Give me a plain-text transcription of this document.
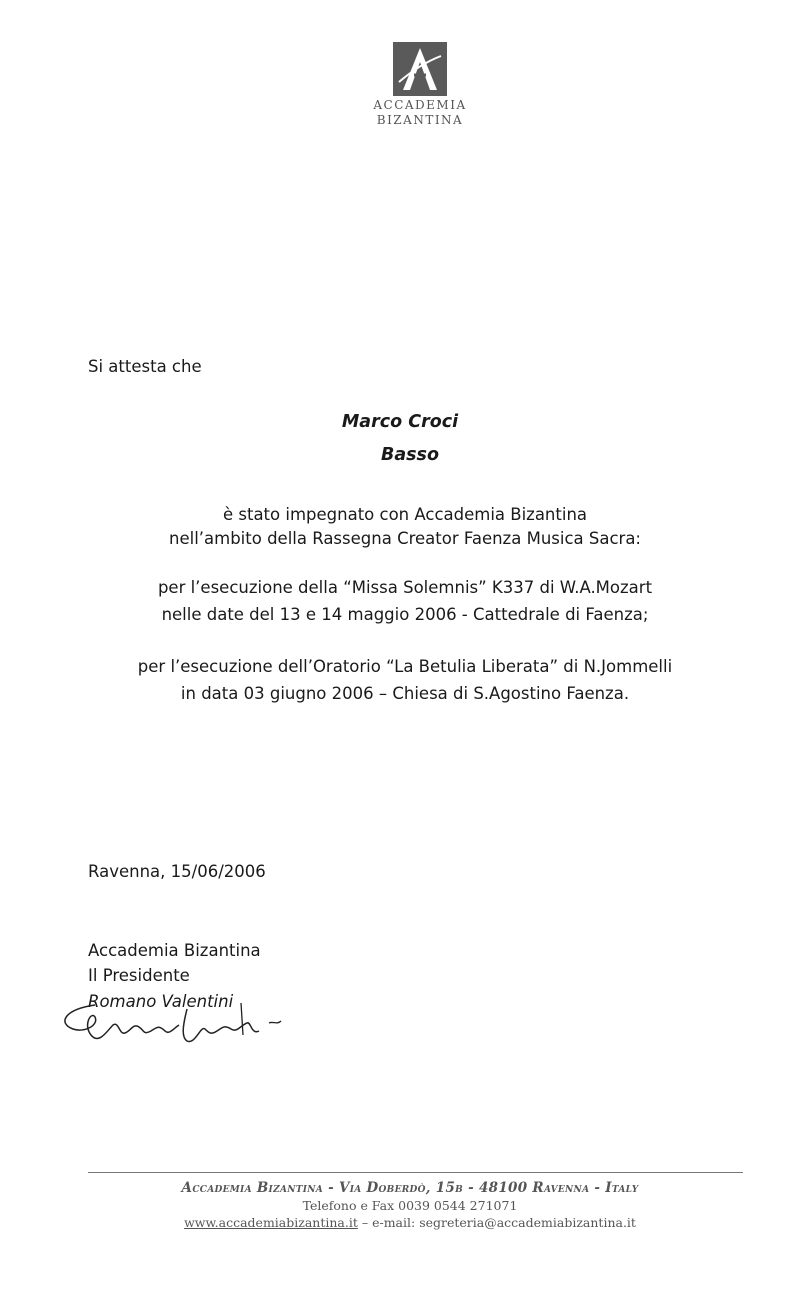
ACCADEMIA
BIZANTINA
Si attesta che
Marco Croci
Basso
è stato impegnato con Accademia Bizantina
nell’ambito della Rassegna Creator Faenza Musica Sacra:
per l’esecuzione della “Missa Solemnis” K337 di W.A.Mozart
nelle date del 13 e 14 maggio 2006 - Cattedrale di Faenza;
per l’esecuzione dell’Oratorio “La Betulia Liberata” di N.Jommelli
in data 03 giugno 2006 – Chiesa di S.Agostino Faenza.
Ravenna, 15/06/2006
Accademia Bizantina
Il Presidente
Romano Valentini
Accademia Bizantina - Via Doberdò, 15b - 48100 Ravenna - Italy
Telefono e Fax 0039 0544 271071
www.accademiabizantina.it – e-mail: segreteria@accademiabizantina.it
